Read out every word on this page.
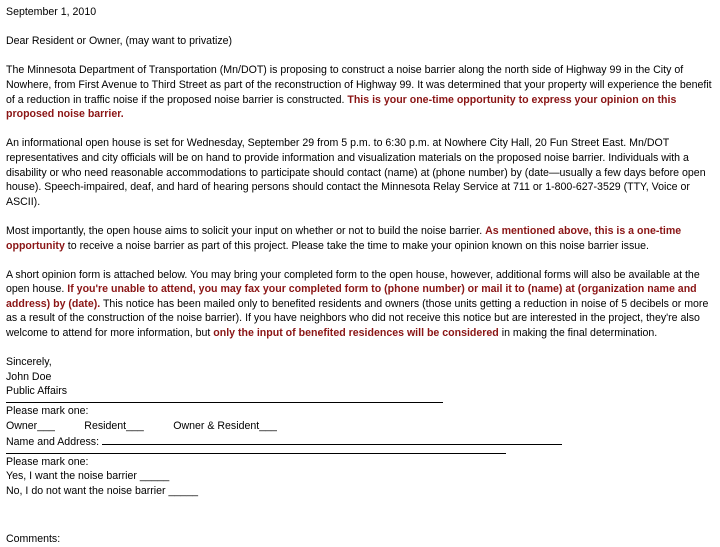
September 1, 2010
Dear Resident or Owner, (may want to privatize)

The Minnesota Department of Transportation (Mn/DOT) is proposing to construct a noise barrier along the north side of Highway 99 in the City of Nowhere, from First Avenue to Third Street as part of the reconstruction of Highway 99. It was determined that your property will experience the benefit of a reduction in traffic noise if the proposed noise barrier is constructed. This is your one-time opportunity to express your opinion on this proposed noise barrier.

An informational open house is set for Wednesday, September 29 from 5 p.m. to 6:30 p.m. at Nowhere City Hall, 20 Fun Street East. Mn/DOT representatives and city officials will be on hand to provide information and visualization materials on the proposed noise barrier. Individuals with a disability or who need reasonable accommodations to participate should contact (name) at (phone number) by (date—usually a few days before open house). Speech-impaired, deaf, and hard of hearing persons should contact the Minnesota Relay Service at 711 or 1-800-627-3529 (TTY, Voice or ASCII).

Most importantly, the open house aims to solicit your input on whether or not to build the noise barrier. As mentioned above, this is a one-time opportunity to receive a noise barrier as part of this project. Please take the time to make your opinion known on this noise barrier issue.

A short opinion form is attached below. You may bring your completed form to the open house, however, additional forms will also be available at the open house. If you're unable to attend, you may fax your completed form to (phone number) or mail it to (name) at (organization name and address) by (date). This notice has been mailed only to benefited residents and owners (those units getting a reduction in noise of 5 decibels or more as a result of the construction of the noise barrier). If you have neighbors who did not receive this notice but are interested in the project, they're also welcome to attend for more information, but only the input of benefited residences will be considered in making the final determination.

Sincerely,
John Doe
Public Affairs
Please mark one:
Owner___          Resident___          Owner & Resident___
Name and Address:
Please mark one:
Yes, I want the noise barrier _____
No, I do not want the noise barrier _____
Comments:
